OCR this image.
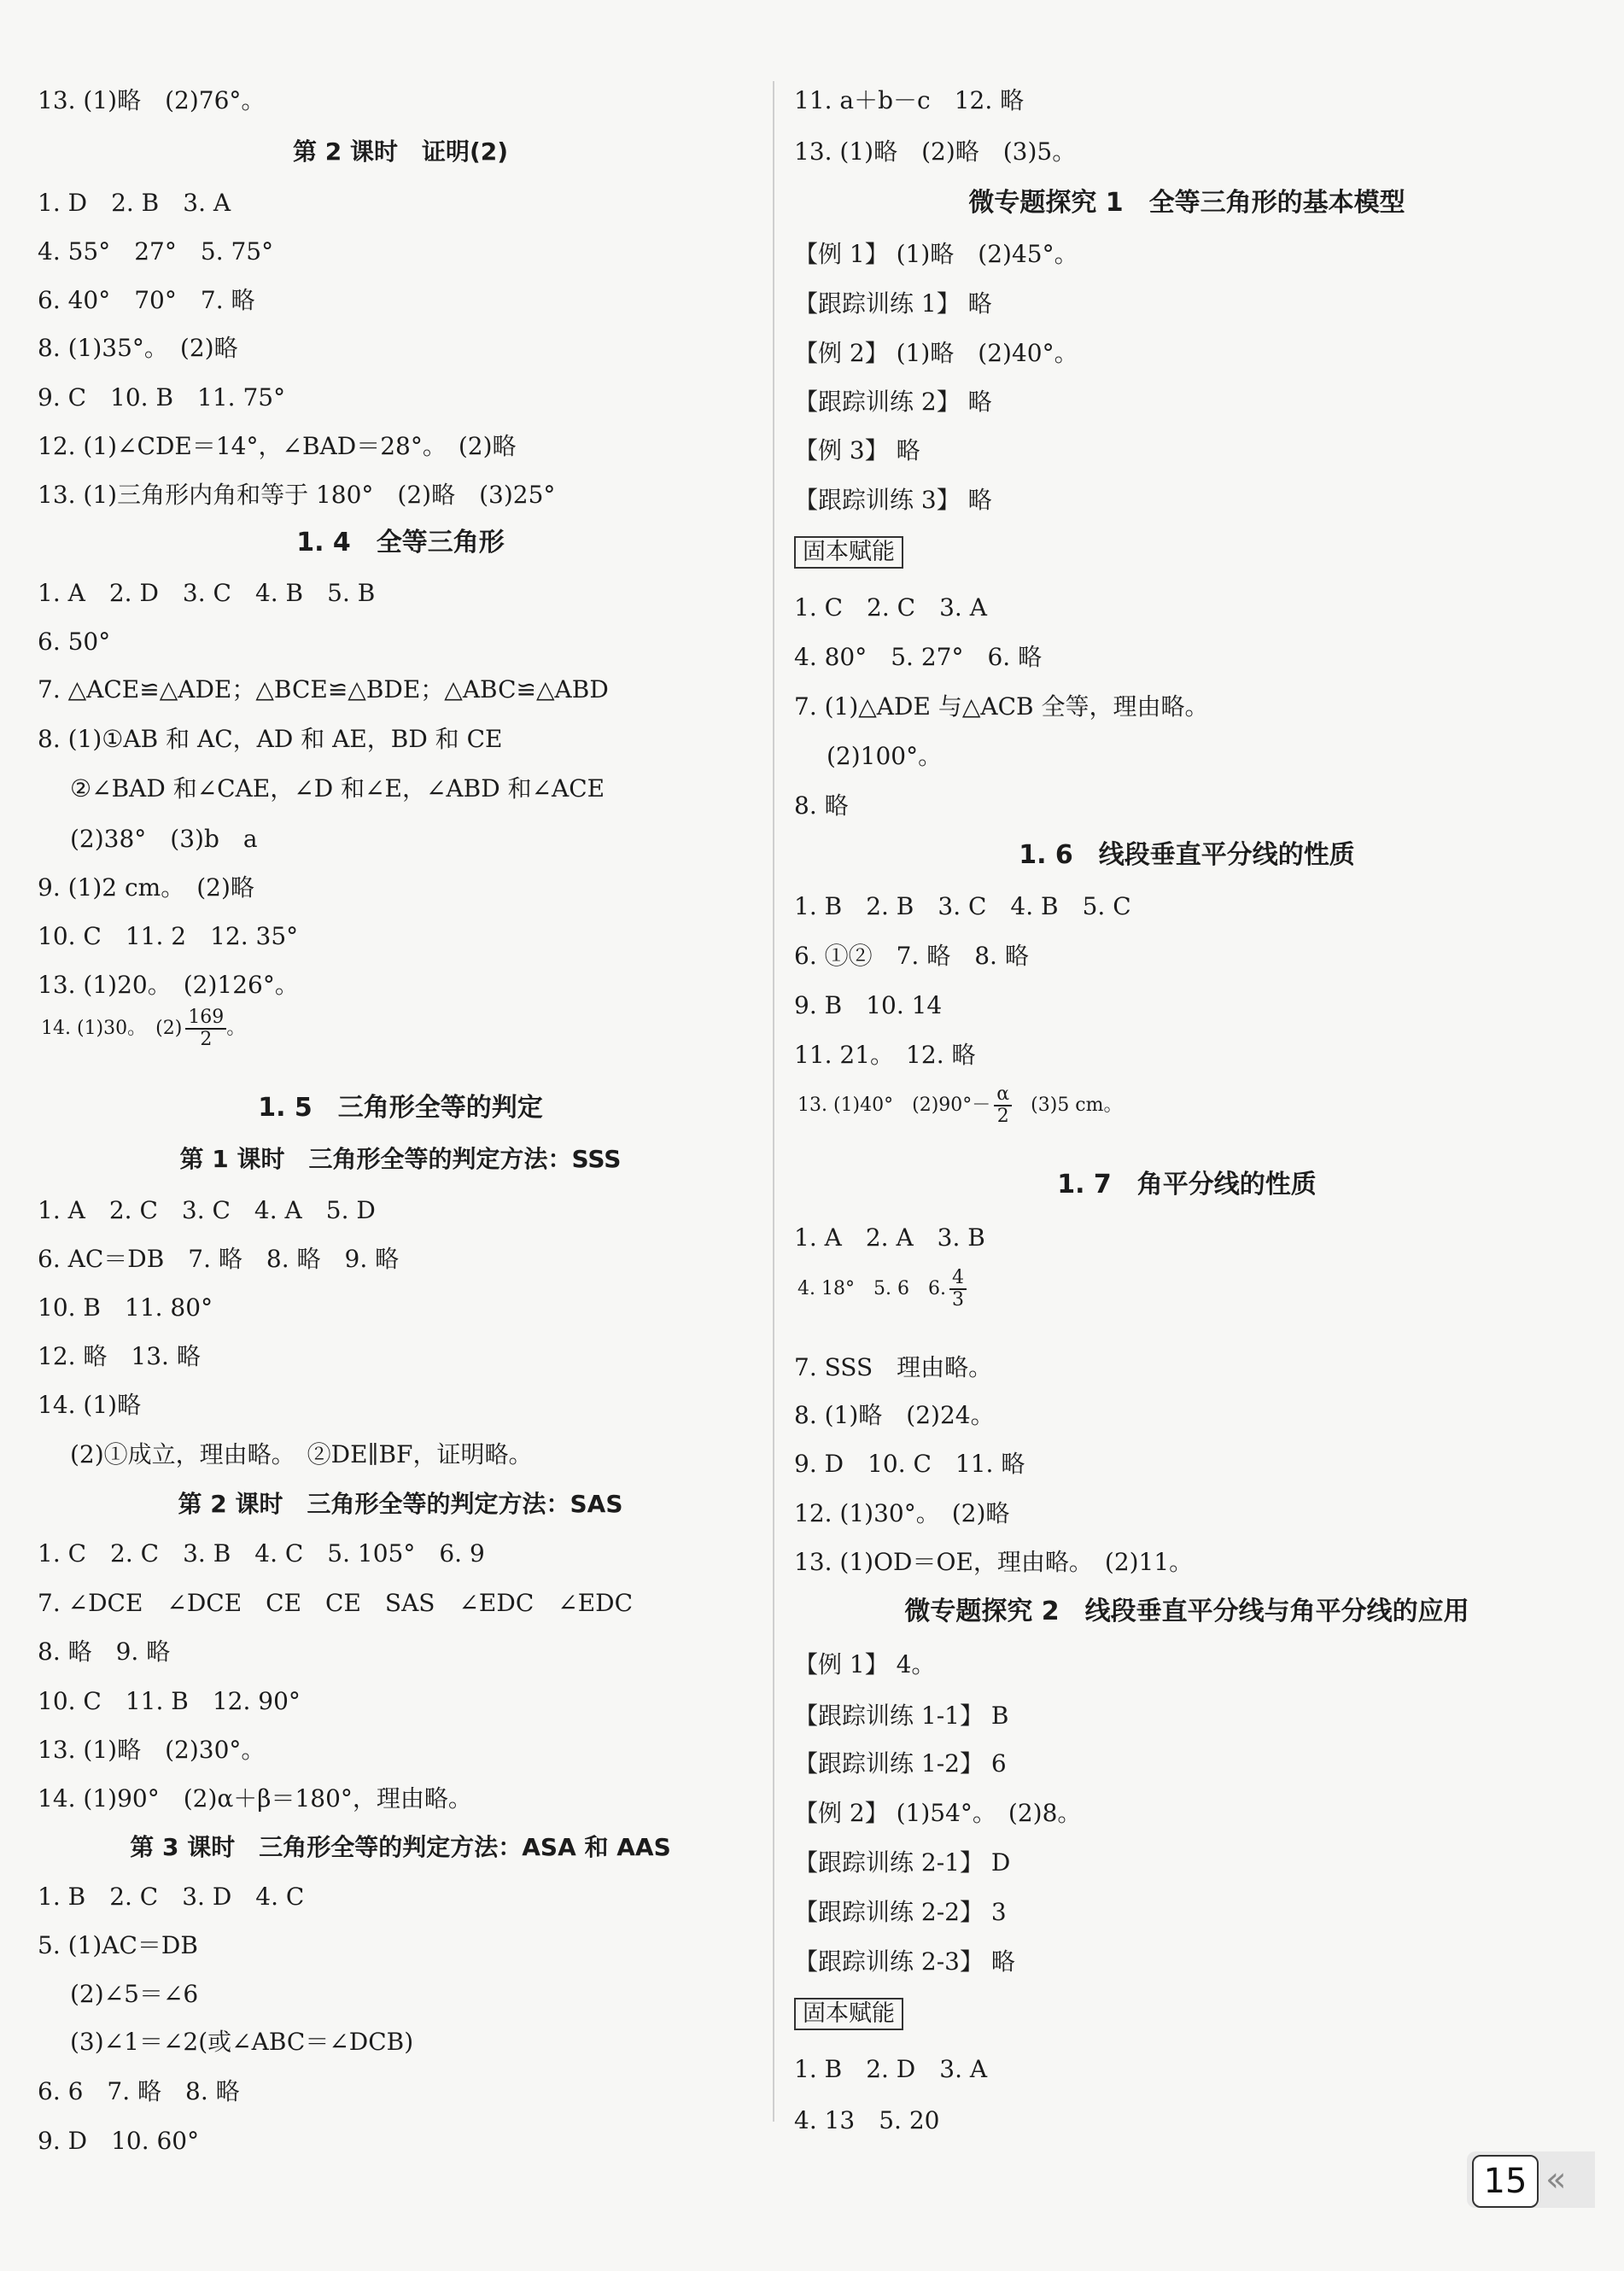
13. (1)略　(2)76°。
第 2 课时　证明(2)
1. D　2. B　3. A
4. 55°　27°　5. 75°
6. 40°　70°　7. 略
8. (1)35°。　(2)略
9. C　10. B　11. 75°
12. (1)∠CDE＝14°，∠BAD＝28°。　(2)略
13. (1)三角形内角和等于 180°　(2)略　(3)25°
1. 4　全等三角形
1. A　2. D　3. C　4. B　5. B
6. 50°
7. △ACE≌△ADE；△BCE≌△BDE；△ABC≌△ABD
8. (1)①AB 和 AC，AD 和 AE，BD 和 CE
②∠BAD 和∠CAE，∠D 和∠E，∠ABD 和∠ACE
(2)38°　(3)b　a
9. (1)2 cm。　(2)略
10. C　11. 2　12. 35°
13. (1)20。　(2)126°。
14. (1)30。　$(2) \frac{169}{2}$ 。
1. 5　三角形全等的判定
第 1 课时　三角形全等的判定方法：SSS
1. A　2. C　3. C　4. A　5. D
6. AC＝DB　7. 略　8. 略　9. 略
10. B　11. 80°
12. 略　13. 略
14. (1)略
(2)①成立，理由略。　②DE∥BF，证明略。
第 2 课时　三角形全等的判定方法：SAS
1. C　2. C　3. B　4. C　5. 105°　6. 9
7. ∠DCE　∠DCE　CE　CE　SAS　∠EDC　∠EDC
8. 略　9. 略
10. C　11. B　12. 90°
13. (1)略　(2)30°。
14. (1)90°　(2)α＋β＝180°，理由略。
第 3 课时　三角形全等的判定方法：ASA 和 AAS
1. B　2. C　3. D　4. C
5. (1)AC＝DB
(2)∠5＝∠6
(3)∠1＝∠2(或∠ABC＝∠DCB)
6. 6　7. 略　8. 略
9. D　10. 60°
11. a＋b－c　12. 略
13. (1)略　(2)略　(3)5。
微专题探究 1　全等三角形的基本模型
【例 1】 (1)略　(2)45°。
【跟踪训练 1】 略
【例 2】 (1)略　(2)40°。
【跟踪训练 2】 略
【例 3】 略
【跟踪训练 3】 略
固本赋能
1. C　2. C　3. A
4. 80°　5. 27°　6. 略
7. (1)△ADE 与△ACB 全等，理由略。
(2)100°。
8. 略
1. 6　线段垂直平分线的性质
1. B　2. B　3. C　4. B　5. C
6. ①②　7. 略　8. 略
9. B　10. 14
11. 21。　12. 略
13. (1)40°　$(2)90^\circ- \frac{\alpha}{2}$ 　(3)5 cm。
1. 7　角平分线的性质
1. A　2. A　3. B
4. 18°　5. 6　6. $\frac{4}{3}$
7. SSS　理由略。
8. (1)略　(2)24。
9. D　10. C　11. 略
12. (1)30°。　(2)略
13. (1)OD＝OE，理由略。　(2)11。
微专题探究 2　线段垂直平分线与角平分线的应用
【例 1】 4。
【跟踪训练 1-1】 B
【跟踪训练 1-2】 6
【例 2】 (1)54°。　(2)8。
【跟踪训练 2-1】 D
【跟踪训练 2-2】 3
【跟踪训练 2-3】 略
固本赋能
1. B　2. D　3. A
4. 13　5. 20
15 «
